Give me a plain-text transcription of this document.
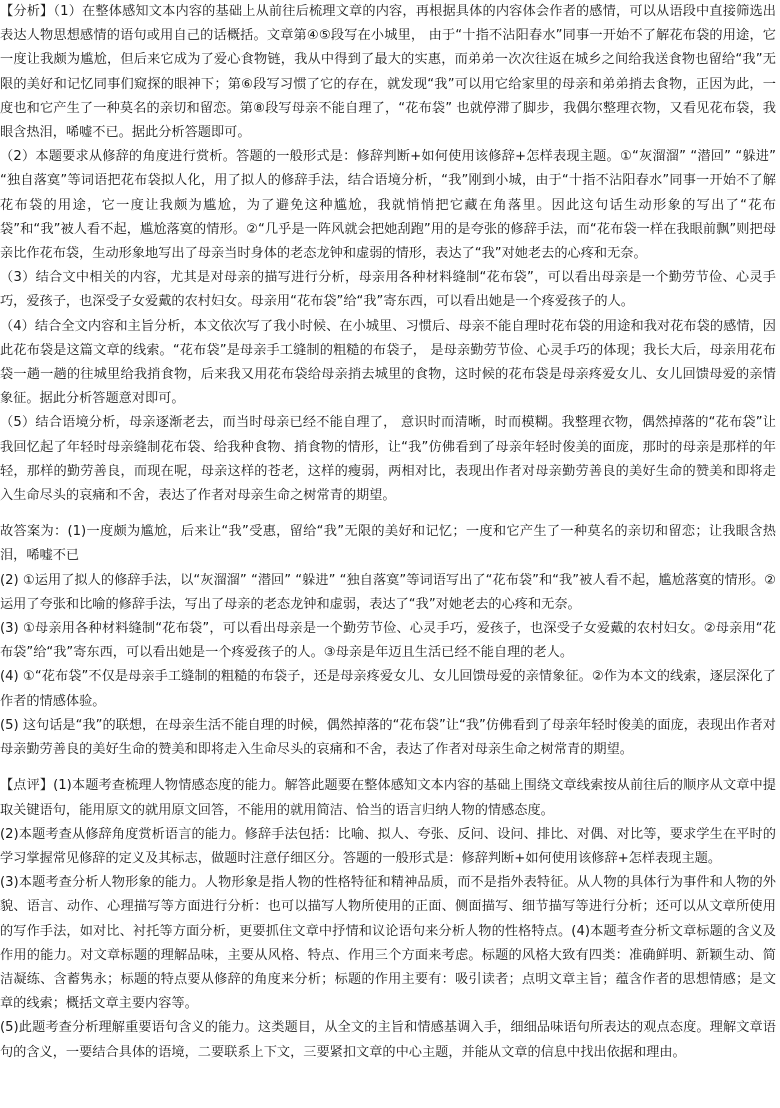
【分析】（1）在整体感知文本内容的基础上从前往后梳理文章的内容，再根据具体的内容体会作者的感情，可以从语段中直接筛选出表达人物思想感情的语句或用自己的话概括。文章第④⑤段写在小城里， 由于“十指不沾阳春水”同事一开始不了解花布袋的用途，它一度让我颇为尴尬，但后来它成为了爱心食物链，我从中得到了最大的实惠，而弟弟一次次往返在城乡之间给我送食物也留给“我”无限的美好和记忆同事们窥探的眼神下；第⑥段写习惯了它的存在，就发现“我”可以用它给家里的母亲和弟弟捎去食物，正因为此，一度也和它产生了一种莫名的亲切和留恋。第⑧段写母亲不能自理了，“花布袋” 也就停滞了脚步，我偶尔整理衣物，又看见花布袋，我眼含热泪，唏嘘不已。据此分析答题即可。

（2）本题要求从修辞的角度进行赏析。答题的一般形式是：修辞判断+如何使用该修辞+怎样表现主题。①“灰溜溜” “潜回” “躲进” “独自落寞”等词语把花布袋拟人化，用了拟人的修辞手法，结合语境分析，“我”刚到小城，由于“十指不沾阳春水”同事一开始不了解花布袋的用途，它一度让我颇为尴尬，为了避免这种尴尬，我就悄悄把它藏在角落里。因此这句话生动形象的写出了“花布袋”和“我”被人看不起，尴尬落寞的情形。②“几乎是一阵风就会把她刮跑”用的是夸张的修辞手法，而“花布袋一样在我眼前飘”则把母亲比作花布袋，生动形象地写出了母亲当时身体的老态龙钟和虚弱的情形，表达了“我”对她老去的心疼和无奈。

（3）结合文中相关的内容，尤其是对母亲的描写进行分析，母亲用各种材料缝制“花布袋”，可以看出母亲是一个勤劳节俭、心灵手巧，爱孩子，也深受子女爱戴的农村妇女。母亲用“花布袋”给“我”寄东西，可以看出她是一个疼爱孩子的人。

（4）结合全文内容和主旨分析，本文依次写了我小时候、在小城里、习惯后、母亲不能自理时花布袋的用途和我对花布袋的感情，因此花布袋是这篇文章的线索。“花布袋”是母亲手工缝制的粗糙的布袋子， 是母亲勤劳节俭、心灵手巧的体现；我长大后，母亲用花布袋一趟一趟的往城里给我捎食物，后来我又用花布袋给母亲捎去城里的食物，这时候的花布袋是母亲疼爱女儿、女儿回馈母爱的亲情象征。据此分析答题意对即可。

（5）结合语境分析，母亲逐渐老去，而当时母亲已经不能自理了， 意识时而清晰，时而模糊。我整理衣物，偶然掉落的“花布袋”让我回忆起了年轻时母亲缝制花布袋、给我种食物、捎食物的情形，让“我”仿佛看到了母亲年轻时俊美的面庞，那时的母亲是那样的年轻，那样的勤劳善良，而现在呢，母亲这样的苍老，这样的瘦弱，两相对比，表现出作者对母亲勤劳善良的美好生命的赞美和即将走入生命尽头的哀痛和不舍，表达了作者对母亲生命之树常青的期望。

故答案为：(1)一度颇为尴尬，后来让“我”受惠，留给“我”无限的美好和记忆；一度和它产生了一种莫名的亲切和留恋；让我眼含热泪，唏嘘不已

(2) ①运用了拟人的修辞手法，以“灰溜溜” “潜回” “躲进” “独自落寞”等词语写出了“花布袋”和“我”被人看不起，尴尬落寞的情形。②运用了夸张和比喻的修辞手法，写出了母亲的老态龙钟和虚弱，表达了“我”对她老去的心疼和无奈。

(3) ①母亲用各种材料缝制“花布袋”，可以看出母亲是一个勤劳节俭、心灵手巧，爱孩子，也深受子女爱戴的农村妇女。②母亲用“花布袋”给“我”寄东西，可以看出她是一个疼爱孩子的人。③母亲是年迈且生活已经不能自理的老人。

(4) ①“花布袋”不仅是母亲手工缝制的粗糙的布袋子，还是母亲疼爱女儿、女儿回馈母爱的亲情象征。②作为本文的线索，逐层深化了作者的情感体验。

(5) 这句话是“我”的联想，在母亲生活不能自理的时候，偶然掉落的“花布袋”让“我”仿佛看到了母亲年轻时俊美的面庞，表现出作者对母亲勤劳善良的美好生命的赞美和即将走入生命尽头的哀痛和不舍，表达了作者对母亲生命之树常青的期望。

【点评】(1)本题考查梳理人物情感态度的能力。解答此题要在整体感知文本内容的基础上围绕文章线索按从前往后的顺序从文章中提取关键语句，能用原文的就用原文回答，不能用的就用简洁、恰当的语言归纳人物的情感态度。

(2)本题考查从修辞角度赏析语言的能力。修辞手法包括：比喻、拟人、夸张、反问、设问、排比、对偶、对比等，要求学生在平时的学习掌握常见修辞的定义及其标志，做题时注意仔细区分。答题的一般形式是：修辞判断+如何使用该修辞+怎样表现主题。

(3)本题考查分析人物形象的能力。人物形象是指人物的性格特征和精神品质，而不是指外表特征。从人物的具体行为事件和人物的外貌、语言、动作、心理描写等方面进行分析：也可以描写人物所使用的正面、侧面描写、细节描写等进行分析；还可以从文章所使用的写作手法，如对比、衬托等方面分析，更要抓住文章中抒情和议论语句来分析人物的性格特点。(4)本题考查分析文章标题的含义及作用的能力。对文章标题的理解品味，主要从风格、特点、作用三个方面来考虑。标题的风格大致有四类：准确鲜明、新颖生动、简洁凝练、含蓄隽永；标题的特点要从修辞的角度来分析；标题的作用主要有：吸引读者；点明文章主旨；蕴含作者的思想情感；是文章的线索；概括文章主要内容等。

(5)此题考查分析理解重要语句含义的能力。这类题目，从全文的主旨和情感基调入手，细细品味语句所表达的观点态度。理解文章语句的含义，一要结合具体的语境，二要联系上下文，三要紧扣文章的中心主题，并能从文章的信息中找出依据和理由。
